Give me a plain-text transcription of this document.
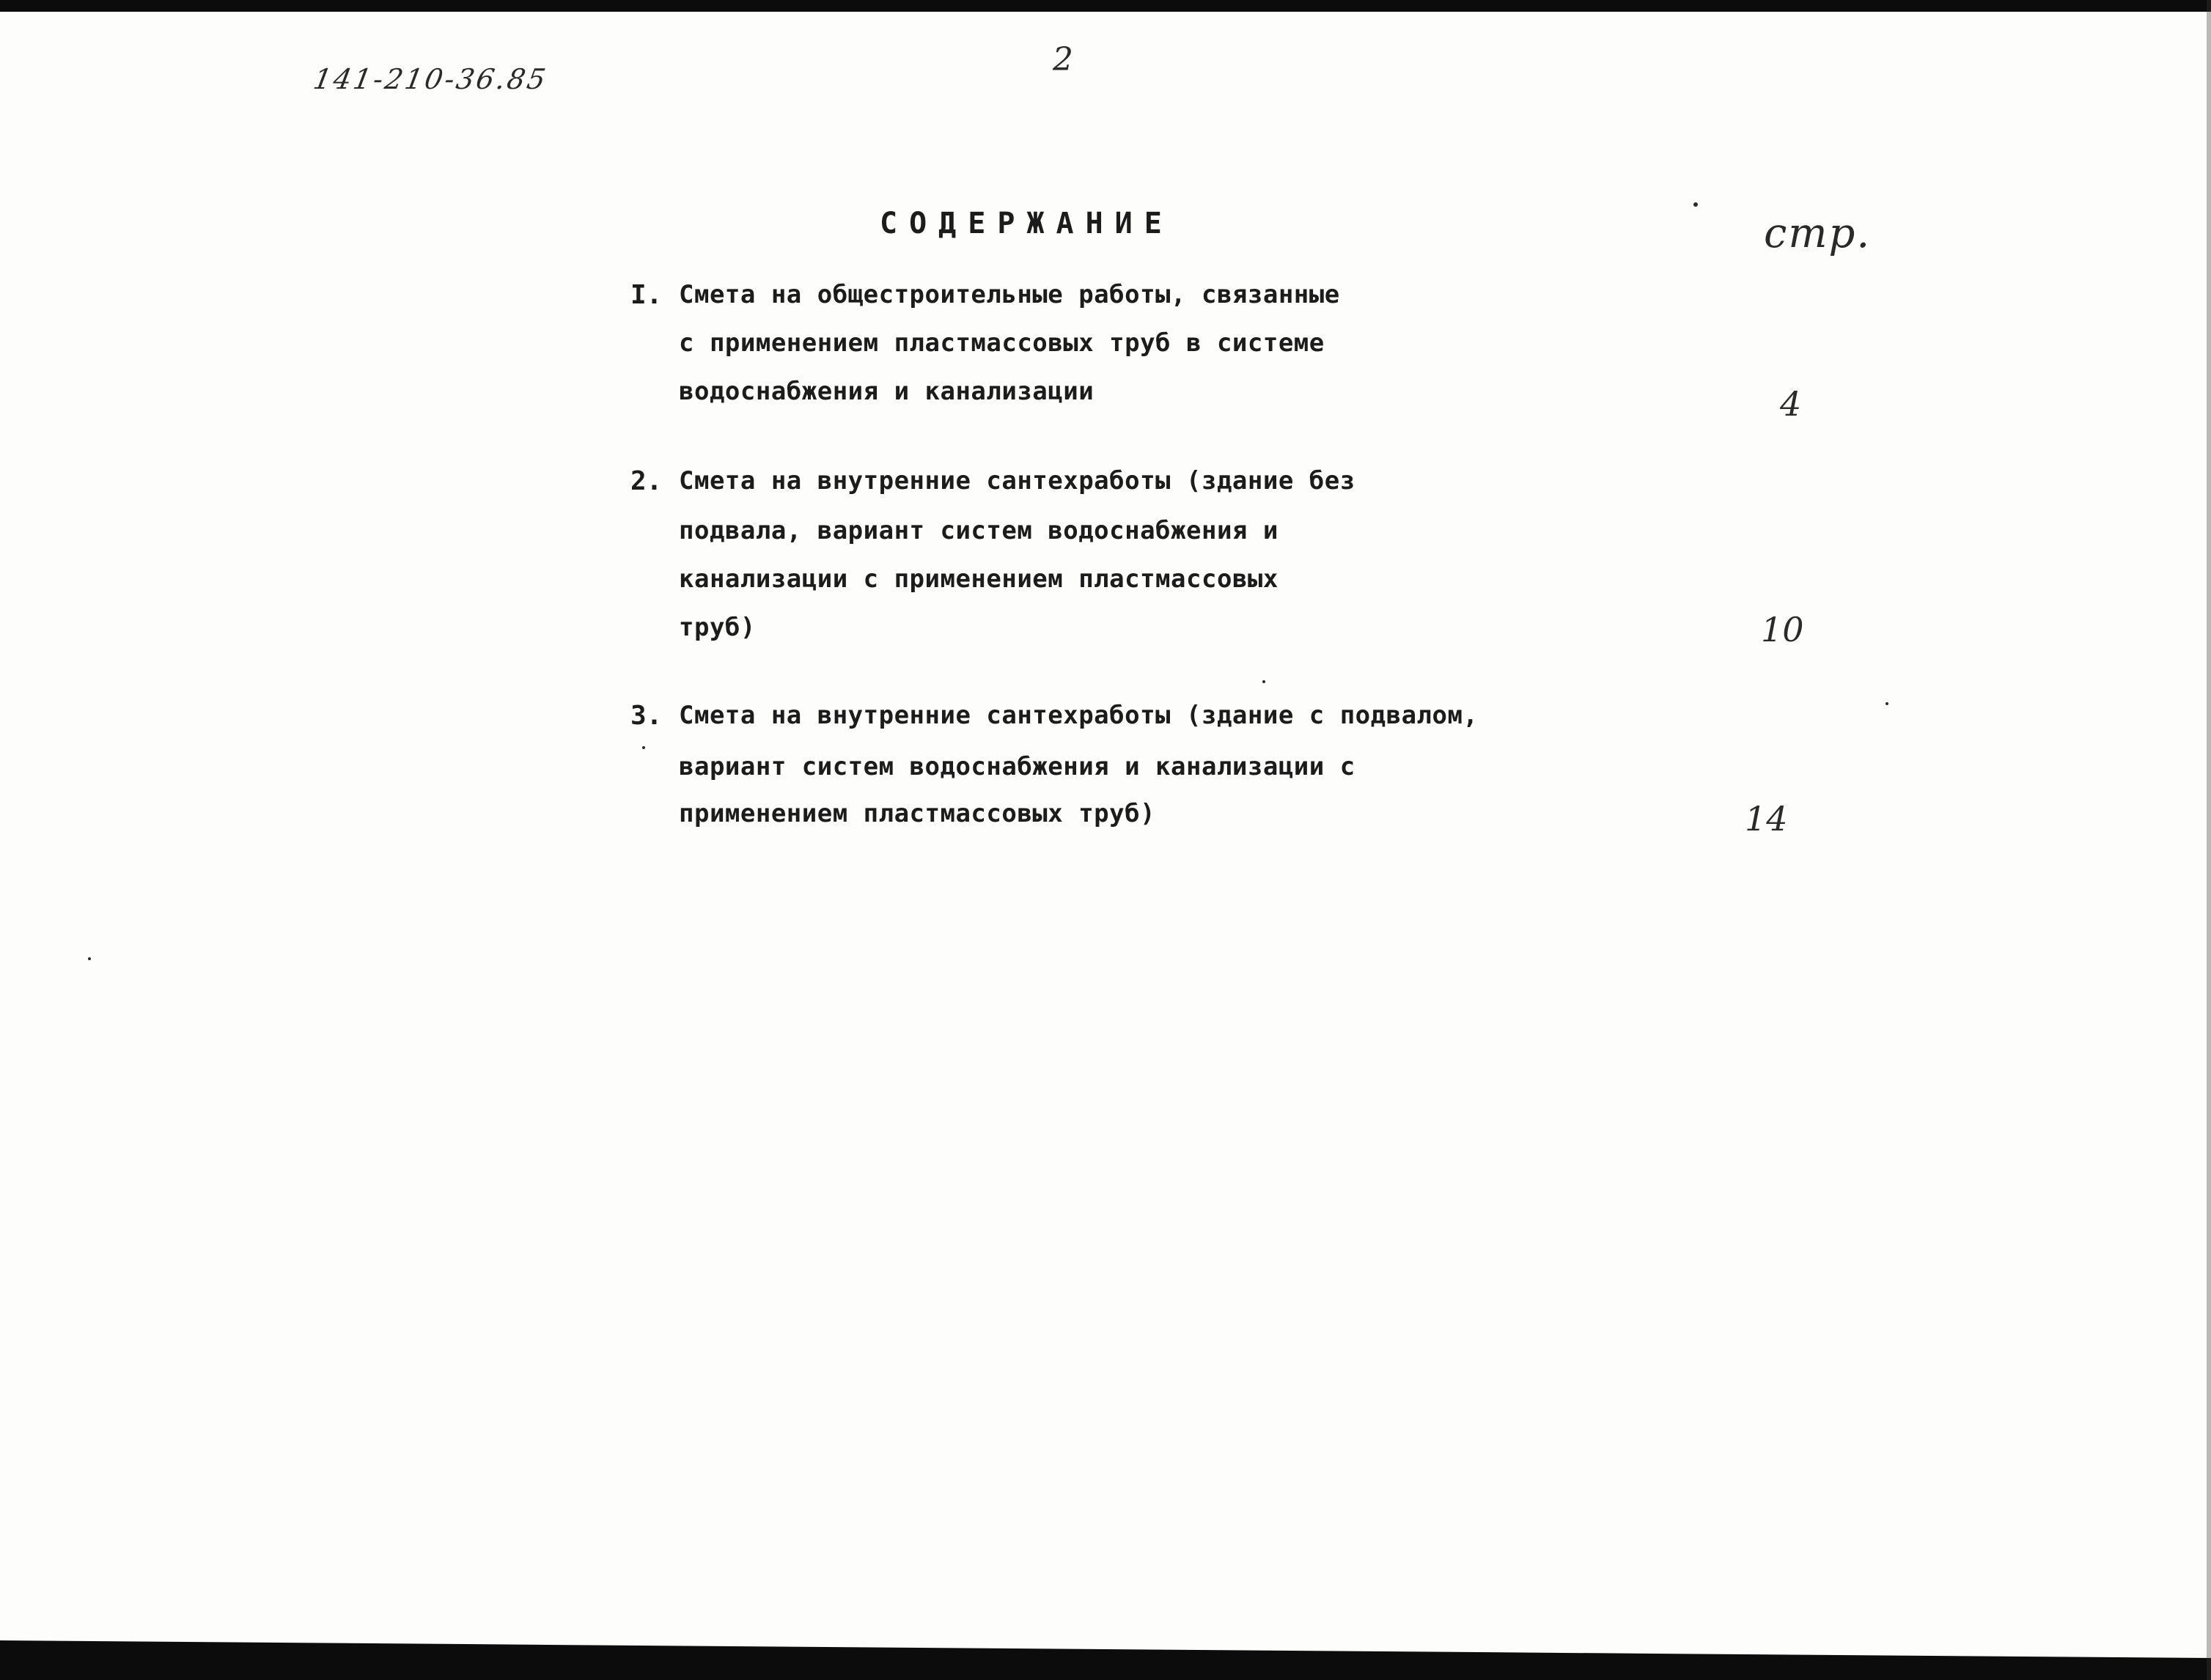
141-210-36.85
2
СОДЕРЖАНИЕ	стр.
I. Смета на общестроительные работы, связанные
с применением пластмассовых труб в системе
водоснабжения и канализации	4
2. Смета на внутренние сантехработы (здание без
подвала, вариант систем водоснабжения и
канализации с применением пластмассовых
труб)	10
3. Смета на внутренние сантехработы (здание с подвалом,
вариант систем водоснабжения и канализации с
применением пластмассовых труб)	14
